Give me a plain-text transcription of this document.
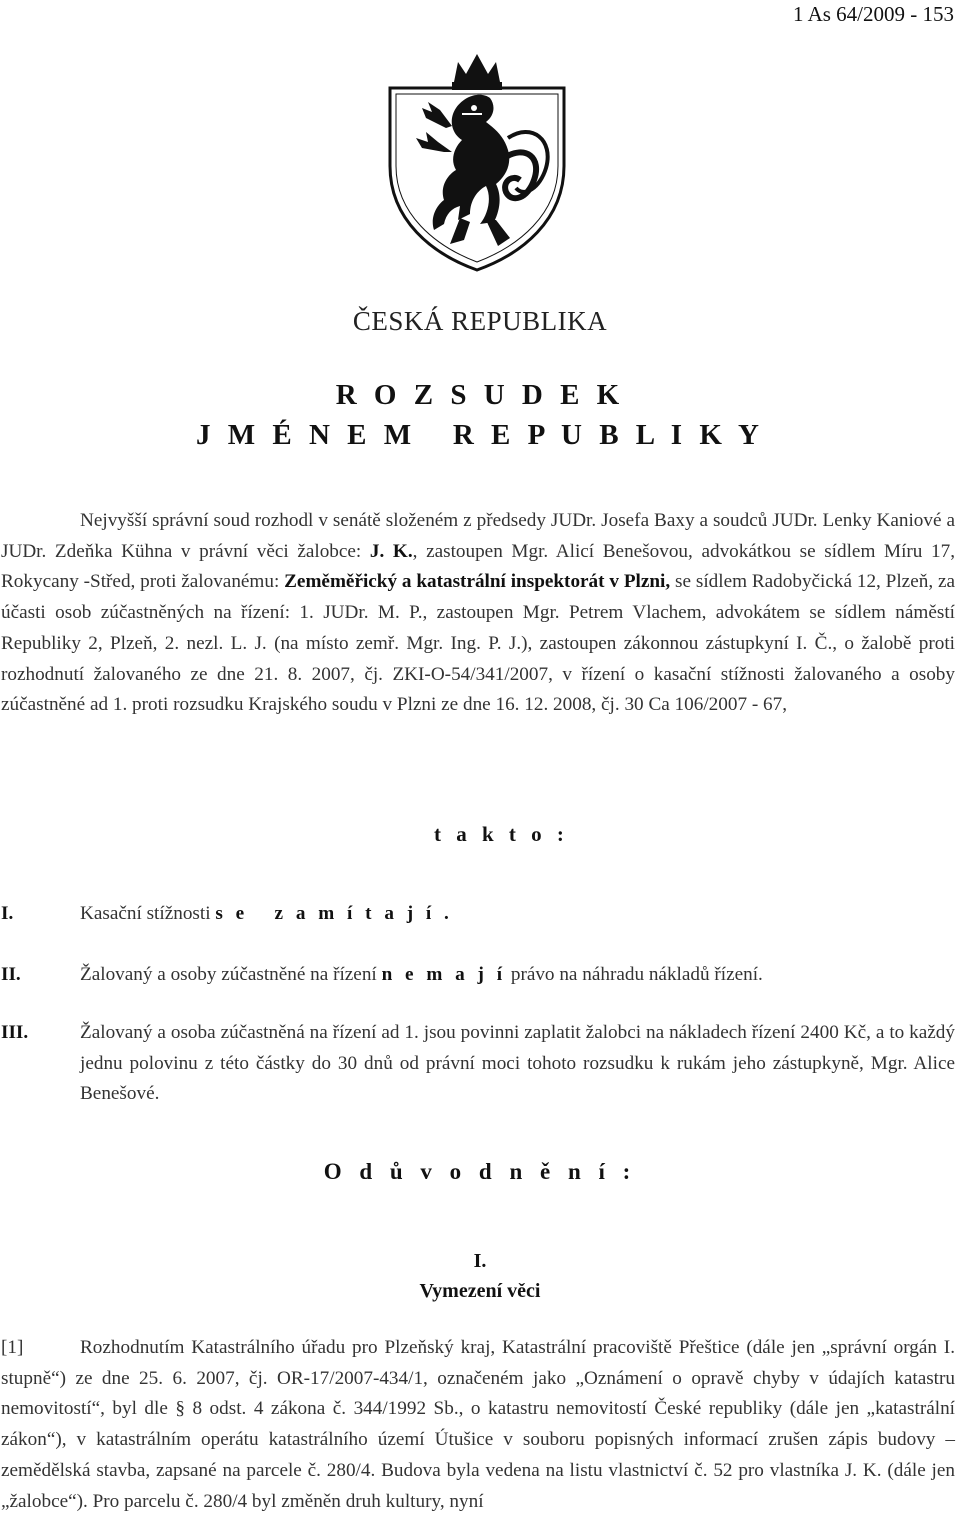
1 As 64/2009 - 153
ČESKÁ REPUBLIKA
R O Z S U D E K
J M É N E M   R E P U B L I K Y
Nejvyšší správní soud rozhodl v senátě složeném z předsedy JUDr. Josefa Baxy a soudců JUDr. Lenky Kaniové a JUDr. Zdeňka Kühna v právní věci žalobce: J. K., zastoupen Mgr. Alicí Benešovou, advokátkou se sídlem Míru 17, Rokycany -Střed, proti žalovanému: Zeměměřický a katastrální inspektorát v Plzni, se sídlem Radobyčická 12, Plzeň, za účasti osob zúčastněných na řízení: 1. JUDr. M. P., zastoupen Mgr. Petrem Vlachem, advokátem se sídlem náměstí Republiky 2, Plzeň, 2. nezl. L. J. (na místo zemř. Mgr. Ing. P. J.), zastoupen zákonnou zástupkyní I. Č., o žalobě proti rozhodnutí žalovaného ze dne 21. 8. 2007, čj. ZKI-O-54/341/2007, v řízení o kasační stížnosti žalovaného a osoby zúčastněné ad 1. proti rozsudku Krajského soudu v Plzni ze dne 16. 12. 2008, čj. 30 Ca 106/2007 - 67,
t a k t o :
I.	Kasační stížnosti s e   z a m í t a j í .
II.	Žalovaný a osoby zúčastněné na řízení n e m a j í právo na náhradu nákladů řízení.
III.	Žalovaný a osoba zúčastněná na řízení ad 1. jsou povinni zaplatit žalobci na nákladech řízení 2400 Kč, a to každý jednu polovinu z této částky do 30 dnů od právní moci tohoto rozsudku k rukám jeho zástupkyně, Mgr. Alice Benešové.
O d ů v o d n ě n í :
I.
Vymezení věci
[1]	Rozhodnutím Katastrálního úřadu pro Plzeňský kraj, Katastrální pracoviště Přeštice (dále jen „správní orgán I. stupně“) ze dne 25. 6. 2007, čj. OR-17/2007-434/1, označeném jako „Oznámení o opravě chyby v údajích katastru nemovitostí“, byl dle § 8 odst. 4 zákona č. 344/1992 Sb., o katastru nemovitostí České republiky (dále jen „katastrální zákon“), v katastrálním operátu katastrálního území Útušice v souboru popisných informací zrušen zápis budovy – zemědělská stavba, zapsané na parcele č. 280/4. Budova byla vedena na listu vlastnictví č. 52 pro vlastníka J. K. (dále jen „žalobce“). Pro parcelu č. 280/4 byl změněn druh kultury, nyní
